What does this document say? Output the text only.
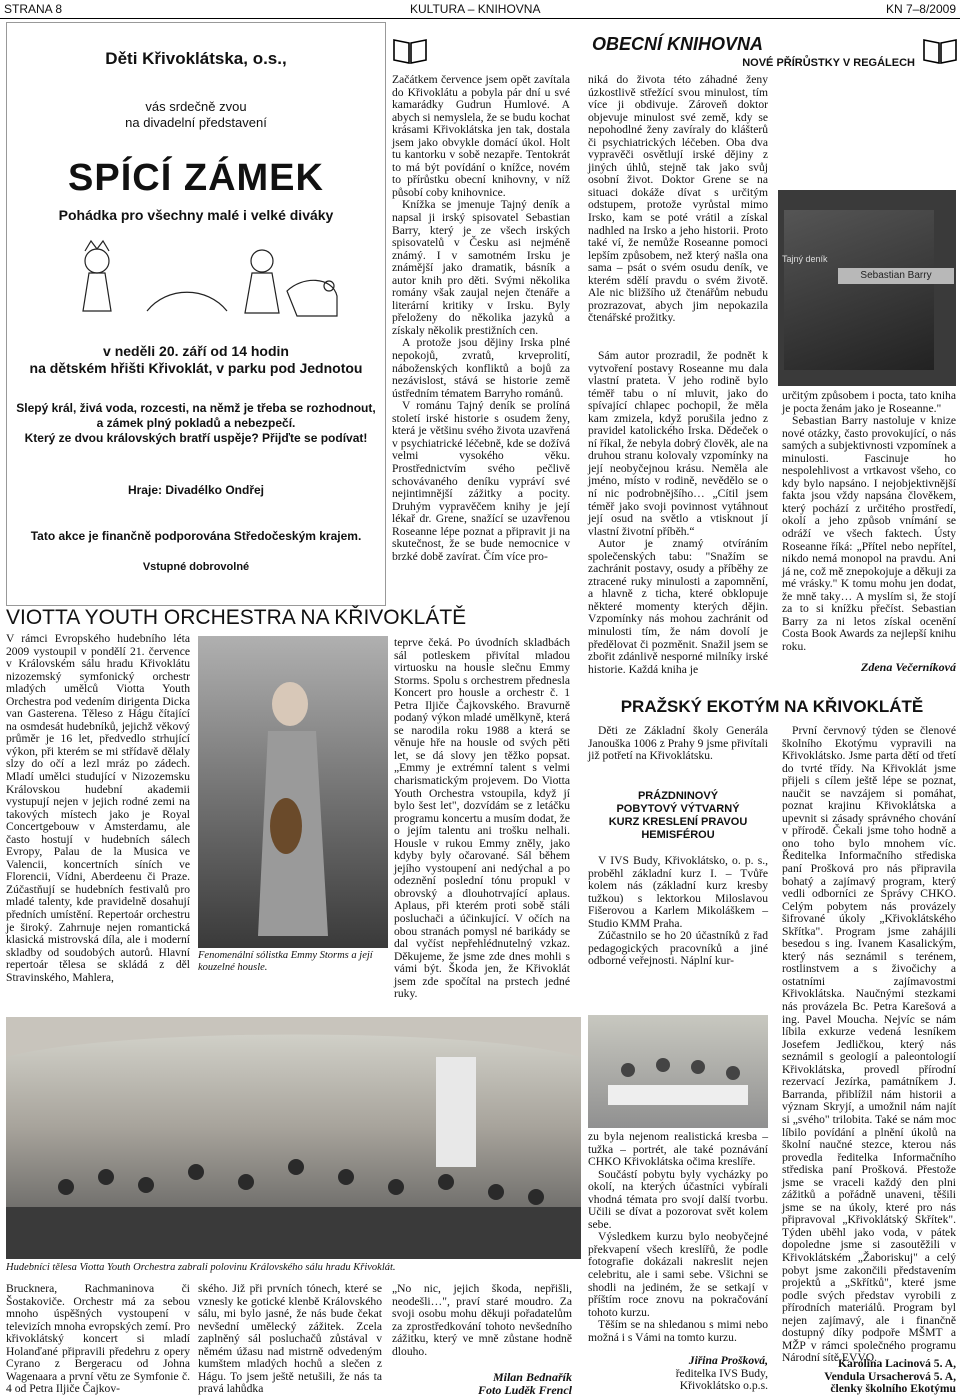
STRANA 8	KULTURA – KNIHOVNA	KN 7–8/2009
Děti Křivoklátska, o.s.,
vás srdečně zvou
na divadelní představení
SPÍCÍ ZÁMEK
Pohádka pro všechny malé i velké diváky
v neděli 20. září od 14 hodin
na dětském hřišti Křivoklát, v parku pod Jednotou
Slepý král, živá voda, rozcesti, na němž je třeba se rozhodnout,
a zámek plný pokladů a nebezpečí.
Který ze dvou královských bratří uspěje? Přijďte se podívat!
Hraje: Divadélko Ondřej
Tato akce je finančně podporována Středočeským krajem.
Vstupné dobrovolné
OBECNÍ KNIHOVNA
NOVÉ PŘÍRŮSTKY V REGÁLECH

Začátkem července jsem opět zavítala do Křivoklátu a pobyla pár dní u své kamarádky Gudrun Humlové. A abych si nemyslela, že se budu kochat krásami Křivoklátska jen tak, dostala jsem jako obvykle domácí úkol. Holt tu kantorku v sobě nezapře. Tentokrát to má být povídání o knížce, novém to přírůstku obecní knihovny, v níž působí coby knihovnice.

Knížka se jmenuje Tajný deník a napsal ji irský spisovatel Sebastian Barry, který je ze všech irských spisovatelů v Česku asi nejméně známý. I v samotném Irsku je známější jako dramatik, básník a autor knih pro děti. Svými několika romány však zaujal nejen čtenáře a literární kritiky v Irsku. Byly přeloženy do několika jazyků a získaly několik prestižních cen.

A protože jsou dějiny Irska plné nepokojů, zvratů, krveprolití, náboženských konfliktů a bojů za nezávislost, stává se historie země ústředním tématem Barryho románů.

V románu Tajný deník se prolíná století irské historie s osudem ženy, která je většinu svého života uzavřená v psychiatrické léčebně, kde se dožívá velmi vysokého věku. Prostřednictvím svého pečlivě schovávaného deníku vypráví své nejintimnější zážitky a pocity. Druhým vypravěčem knihy je její lékař dr. Grene, snažící se uzavřenou Roseanne lépe poznat a připravit ji na skutečnost, že se bude nemocnice v brzké době zavírat. Čím více pro-

niká do života této záhadné ženy úzkostlivě střežící svou minulost, tím více ji obdivuje. Zároveň doktor objevuje minulost své země, kdy se nepohodlné ženy zavíraly do klášterů či psychiatrických léčeben. Oba dva vypravěči osvětlují irské dějiny z jiných úhlů, stejně tak jako svůj osobní život. Doktor Grene se na situaci dokáže dívat s určitým odstupem, protože vyrůstal mimo Irsko, kam se poté vrátil a získal nadhled na Irsko a jeho historii. Proto také ví, že nemůže Roseanne pomoci lepším způsobem, než který našla ona sama – psát o svém osudu deník, ve kterém sdělí pravdu o svém životě. Ale nic bližšího už čtenářům nebudu prozrazovat, abych jim nepokazila čtenářské prožitky.

Sám autor prozradil, že podnět k vytvoření postavy Roseanne mu dala vlastní prateta. V jeho rodině bylo téměř tabu o ní mluvit, jako do spívající chlapec pochopil, že měla kam zmizela, když porušila jedno z pravidel katolického Irska. Dědeček o ní říkal, že nebyla dobrý člověk, ale na druhou stranu kolovaly vzpomínky na její neobyčejnou krásu. Neměla ale jméno, místo v rodině, nevědělo se o ní nic podrobnějšího… „Cítil jsem téměř jako svoji povinnost vytáhnout její osud na světlo a vtisknout jí vlastní životní příběh.“

Autor je znamý otvíráním společenských tabu: "Snažím se zachránit postavy, osudy a příběhy ze ztracené ruky minulosti a zapomnění, a hlavně z ticha, které obklopuje některé momenty kterých dějin. Vzpomínky nás mohou zachránit od minulosti tím, že nám dovolí je předělovat či pozměnit. Snažil jsem se zbořit zdánlivě nesporné milníky irské historie. Každá kniha je

Tajný deník
Sebastian Barry

určitým způsobem i pocta, tato kniha je pocta ženám jako je Roseanne."

Sebastian Barry nastoluje v knize nové otázky, často provokující, o nás samých a subjektivnosti vzpomínek a minulosti. Fascinuje ho nespolehlivost a vrtkavost všeho, co kdy bylo napsáno. I nejobjektivnější fakta jsou vždy napsána člověkem, který pochází z určitého prostředí, okolí a jeho způsob vnímání se odráží ve všech faktech. Ústy Roseanne říká: „Přítel nebo nepřítel, nikdo nemá monopol na pravdu. Ani já ne, což mě znepokojuje a děkuji za mé vrásky." K tomu mohu jen dodat, že mně taky… A myslím si, že stojí za to si knížku přečíst. Sebastian Barry za ni letos získal ocenění Costa Book Awards za nejlepší knihu roku.

Zdena Večerníková
VIOTTA YOUTH ORCHESTRA NA KŘIVOKLÁTĚ

V rámci Evropského hudebního léta 2009 vystoupil v pondělí 21. července v Královském sálu hradu Křivoklátu nizozemský symfonický orchestr mladých umělců Viotta Youth Orchestra pod vedením dirigenta Dicka van Gasterena. Těleso z Hágu čítající na osmdesát hudebníků, jejichž věkový průměr je 16 let, předvedlo strhující výkon, při kterém se mi střídavě dělaly slzy do očí a lezl mráz po zádech. Mladí umělci studující v Nizozemsku Královskou hudební akademii vystupují nejen v jejich rodné zemi na takových místech jako je Royal Concertgebouw v Amsterdamu, ale často hostují v hudebních sálech Evropy, Palau de la Musica ve Valencii, koncertních síních ve Florencii, Vídni, Aberdeenu či Praze. Zúčastňují se hudebních festivalů pro mladé talenty, kde pravidelně dosahují předních umístění. Repertoár orchestru je široký. Zahrnuje nejen romantická klasická mistrovská díla, ale i moderní skladby od soudobých autorů. Hlavní repertoár tělesa se skládá z děl Stravinského, Mahlera,

Fenomenální sólistka Emmy Storms a její kouzelné housle.

teprve čeká. Po úvodních skladbách sál potleskem přivítal mladou virtuosku na housle slečnu Emmy Storms. Spolu s orchestrem přednesla Koncert pro housle a orchestr č. 1 Petra Iljiče Čajkovského. Bravurně podaný výkon mladé umělkyně, která se narodila roku 1988 a která se věnuje hře na housle od svých pěti let, se dá slovy jen těžko popsat. „Emmy je extrémní talent s velmi charismatickým projevem. Do Viotta Youth Orchestra vstoupila, když jí bylo šest let", dozvídám se z letáčku programu koncertu a musím dodat, že o jejím talentu ani trošku nelhali. Housle v rukou Emmy zněly, jako kdyby byly očarované. Sál během jejího vystoupení ani nedýchal a po odeznění poslední tónu propukl v obrovský a dlouhotrvající aplaus. Aplaus, při kterém proti sobě stáli posluchači a účinkující. V očích na obou stranách pomysl né barikády se dal vyčíst nepřehlédnutelný vzkaz. Děkujeme, že jsme zde dnes mohli s vámi být. Škoda jen, že Křivoklát jsem zde spočítal na prstech jedné ruky.

Hudebníci tělesa Viotta Youth Orchestra zabrali polovinu Královského sálu hradu Křivoklát.

Brucknera, Rachmaninova či Šostakoviče. Orchestr má za sebou mnoho úspěšných vystoupení v televizích mnoha evropských zemí. Pro křivoklátský koncert si mladí Holanďané připravili předehru z opery Cyrano z Bergeracu od Johna Wagenaara a první větu ze Symfonie č. 4 od Petra Iljiče Čajkov-

ského. Již při prvních tónech, které se vznesly ke gotické klenbě Královského sálu, mi bylo jasné, že nás bude čekat nevšední umělecký zážitek. Zcela zaplněný sál posluchačů zůstával v němém úžasu nad mistrně odvedeným kumštem mladých hochů a slečen z Hágu. To jsem ještě netušili, že nás ta pravá lahůdka

„No nic, jejich škoda, nepřišli, neodešli…", praví staré moudro. Za svoji osobu mohu děkuji pořadatelům za zprostředkování tohoto nevšedního zážitku, který ve mně zůstane hodně dlouho.

Milan Bednařík
Foto Luděk Frencl
PRAŽSKÝ EKOTÝM NA KŘIVOKLÁTĚ

Děti ze Základní školy Generála Janouška 1006 z Prahy 9 jsme přivítali již potřetí na Křivoklátsku.

PRÁZDNINOVÝ
POBYTOVÝ VÝTVARNÝ
KURZ KRESLENÍ PRAVOU
HEMISFÉROU

V IVS Budy, Křivoklátsko, o. p. s., proběhl základní kurz I. – Tvůře kolem nás (základní kurz kresby tužkou) s lektorkou Miloslavou Fišerovou a Karlem Mikoláškem – Studio KMM Praha.

Zúčastnilo se ho 20 účastníků z řad pedagogických pracovníků a jiné odborné veřejnosti. Náplní kur-

zu byla nejenom realistická kresba – tužka – portrét, ale také poznávání CHKO Křivoklátska očima kreslíře.

Součástí pobytu byly vycházky po okolí, na kterých účastníci vybírali vhodná témata pro svojí další tvorbu. Učili se dívat a pozorovat svět kolem sebe.

Výsledkem kurzu bylo neobyčejné překvapení všech kreslířů, že podle fotografie dokázali nakreslit nejen celebritu, ale i sami sebe. Všichni se shodli na jediném, že se setkají v příštím roce znovu na pokračování tohoto kurzu.

Těším se na shledanou s mimi nebo možná i s Vámi na tomto kurzu.

Jiřina Prošková,
ředitelka IVS Budy,
Křivoklátsko o.p.s.

První červnový týden se členové školního Ekotýmu vypravili na Křivoklátsko. Jsme parta dětí od třetí do tvrté třídy. Na Křivoklát jsme přijeli s cílem ještě lépe se poznat, naučit se navzájem si pomáhat, poznat krajinu Křivoklátska a upevnit si zásady správného chování v přírodě. Čekali jsme toho hodně a ono toho bylo mnohem víc. Ředitelka Informačního střediska paní Prošková pro nás připravila bohatý a zajímavý program, který vedli odborníci ze Správy CHKO. Celým pobytem nás provázely šifrované úkoly „Křivoklátského Skřítka". Program jsme zahájili besedou s ing. Ivanem Kasalickým, který nás seznámil s terénem, rostlinstvem a s živočichy a ostatními zajímavostmi Křivoklátska. Naučnými stezkami nás provázela Bc. Petra Karešová a ing. Pavel Moucha. Nejvíc se nám líbila exkurze vedená lesníkem Josefem Jedličkou, který nás seznámil s geologií a paleontologií Křivoklátska, provedl přírodní rezervací Jezírka, památníkem J. Barranda, přiblížil nám historii a význam Skryjí, a umožnil nám najít si „svého" trilobita. Také se nám moc líbilo povídání a plnění úkolů na školní naučné stezce, kterou nás provedla ředitelka Informačního střediska paní Prošková. Přestože jsme se vraceli každý den plni zážitků a pořádně unaveni, těšili jsme se na úkoly, které pro nás připravoval „Křivoklátský Skřítek". Týden uběhl jako voda, v pátek dopoledne jsme si zasoutěžili v Křivoklátském „Žaboriskuj" a celý pobyt jsme zakončili představením projektů a „Skřítků", které jsme podle svých představ vyrobili z přírodních materiálů. Program byl nejen zajímavý, ale i finančně dostupný díky podpoře MŠMT a MŽP v rámci společného programu Národní sítě EVVO.

Karolína Lacinová 5. A,
Vendula Ursacherová 5. A,
členky školního Ekotýmu
